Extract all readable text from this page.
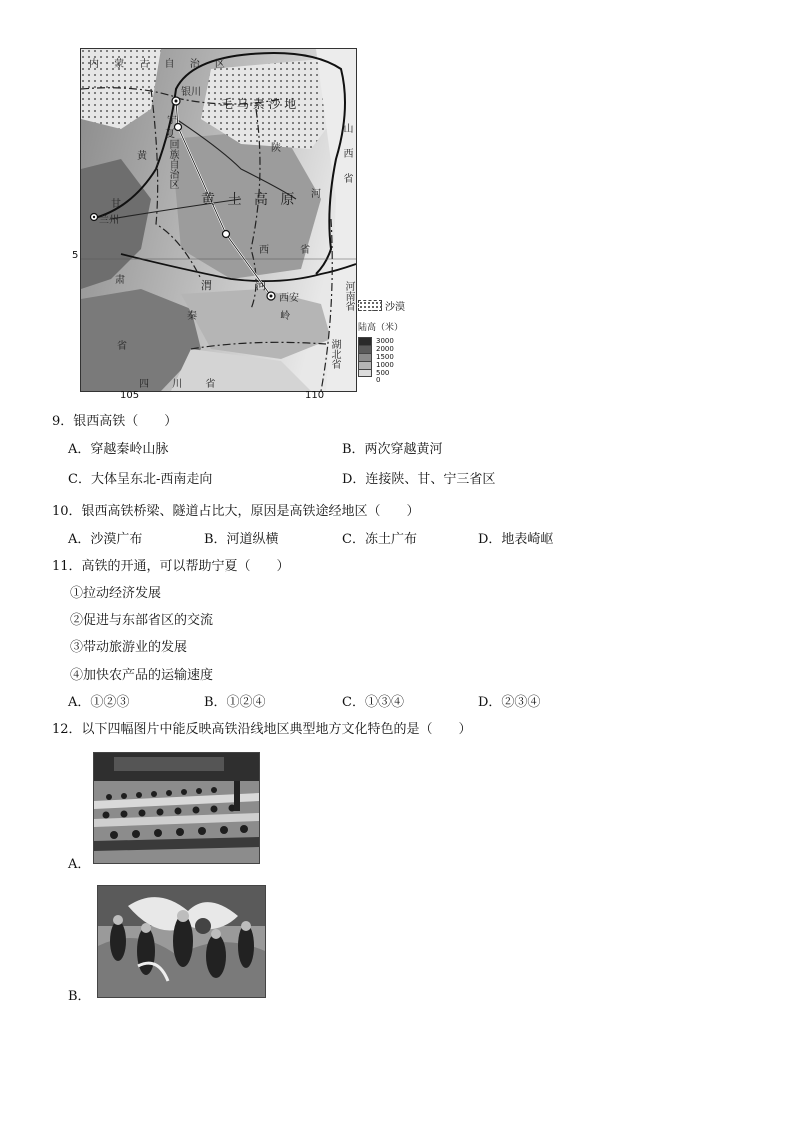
内 蒙 古 自 治 区
银川
毛 乌 素 沙 地
宁
夏
回族自治区
黄
黄 土 高 原
陕	山 西 省
河
兰州
甘
肃
省
西 省
渭 河
西安
秦 岭
河南省
湖北省
四 川 省
5
105	110
沙漠
陆高（米）
3000
2000
1500
1000
500
0
9．银西高铁（　　）
A．穿越秦岭山脉	B．两次穿越黄河
C．大体呈东北-西南走向	D．连接陕、甘、宁三省区
10．银西高铁桥梁、隧道占比大，原因是高铁途经地区（　　）
A．沙漠广布	B．河道纵横	C．冻土广布	D．地表崎岖
11．高铁的开通，可以帮助宁夏（　　）
①拉动经济发展
②促进与东部省区的交流
③带动旅游业的发展
④加快农产品的运输速度
A．①②③	B．①②④	C．①③④	D．②③④
12．以下四幅图片中能反映高铁沿线地区典型地方文化特色的是（　　）
A．
B．
